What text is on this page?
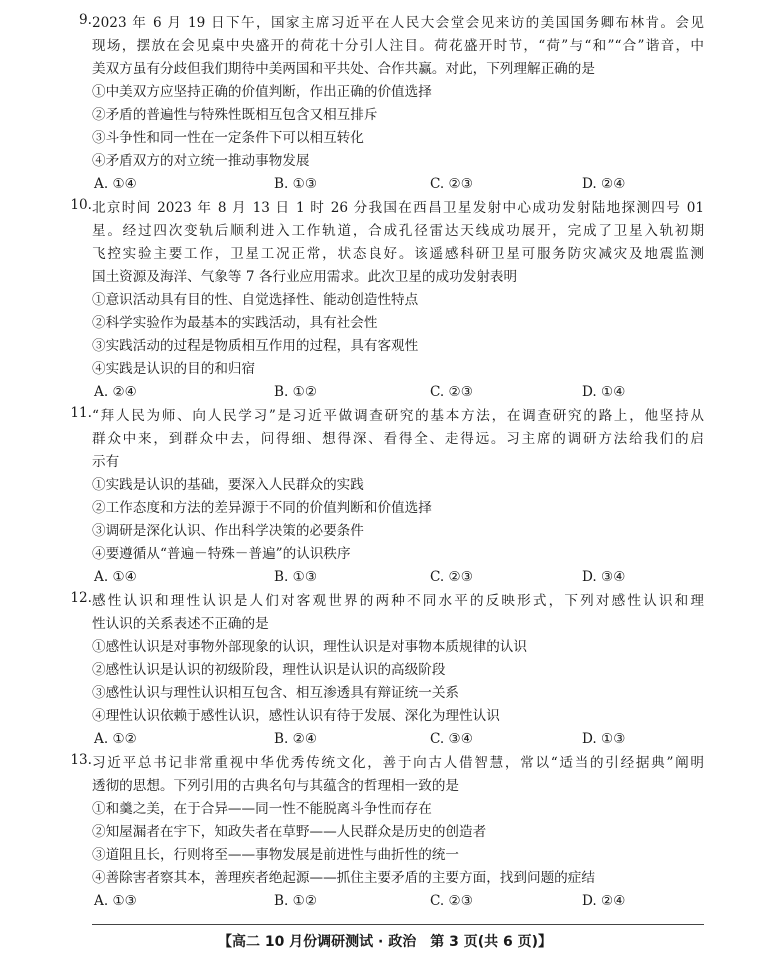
9. 2023 年 6 月 19 日下午，国家主席习近平在人民大会堂会见来访的美国国务卿布林肯。会见
现场，摆放在会见桌中央盛开的荷花十分引人注目。荷花盛开时节，“荷”与“和”“合”谐音，中
美双方虽有分歧但我们期待中美两国和平共处、合作共赢。对此，下列理解正确的是
①中美双方应坚持正确的价值判断，作出正确的价值选择
②矛盾的普遍性与特殊性既相互包含又相互排斥
③斗争性和同一性在一定条件下可以相互转化
④矛盾双方的对立统一推动事物发展
A. ①④	B. ①③	C. ②③	D. ②④
10. 北京时间 2023 年 8 月 13 日 1 时 26 分我国在西昌卫星发射中心成功发射陆地探测四号 01
星。经过四次变轨后顺利进入工作轨道，合成孔径雷达天线成功展开，完成了卫星入轨初期
飞控实验主要工作，卫星工况正常，状态良好。该遥感科研卫星可服务防灾减灾及地震监测
国土资源及海洋、气象等 7 各行业应用需求。此次卫星的成功发射表明
①意识活动具有目的性、自觉选择性、能动创造性特点
②科学实验作为最基本的实践活动，具有社会性
③实践活动的过程是物质相互作用的过程，具有客观性
④实践是认识的目的和归宿
A. ②④	B. ①②	C. ②③	D. ①④
11. “拜人民为师、向人民学习”是习近平做调查研究的基本方法，在调查研究的路上，他坚持从
群众中来，到群众中去，问得细、想得深、看得全、走得远。习主席的调研方法给我们的启
示有
①实践是认识的基础，要深入人民群众的实践
②工作态度和方法的差异源于不同的价值判断和价值选择
③调研是深化认识、作出科学决策的必要条件
④要遵循从“普遍－特殊－普遍”的认识秩序
A. ①④	B. ①③	C. ②③	D. ③④
12. 感性认识和理性认识是人们对客观世界的两种不同水平的反映形式，下列对感性认识和理
性认识的关系表述不正确的是
①感性认识是对事物外部现象的认识，理性认识是对事物本质规律的认识
②感性认识是认识的初级阶段，理性认识是认识的高级阶段
③感性认识与理性认识相互包含、相互渗透具有辩证统一关系
④理性认识依赖于感性认识，感性认识有待于发展、深化为理性认识
A. ①②	B. ②④	C. ③④	D. ①③
13. 习近平总书记非常重视中华优秀传统文化，善于向古人借智慧，常以“适当的引经据典”阐明
透彻的思想。下列引用的古典名句与其蕴含的哲理相一致的是
①和羹之美，在于合异——同一性不能脱离斗争性而存在
②知屋漏者在宇下，知政失者在草野——人民群众是历史的创造者
③道阻且长，行则将至——事物发展是前进性与曲折性的统一
④善除害者察其本，善理疾者绝起源——抓住主要矛盾的主要方面，找到问题的症结
A. ①③	B. ①②	C. ②③	D. ②④
【高二 10 月份调研测试 · 政治　第 3 页(共 6 页)】
